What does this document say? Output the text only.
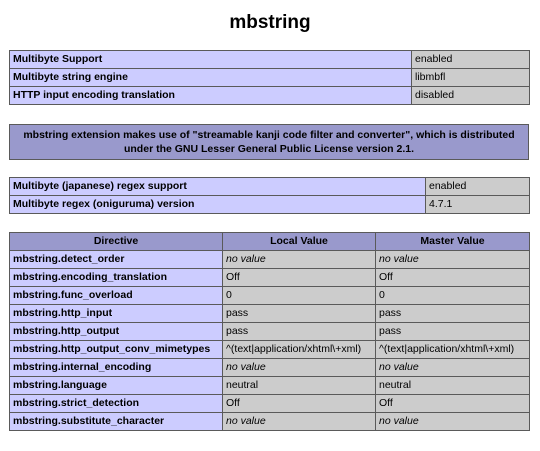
mbstring
Multibyte Support	enabled
Multibyte string engine	libmbfl
HTTP input encoding translation	disabled
mbstring extension makes use of "streamable kanji code filter and converter", which is distributed under the GNU Lesser General Public License version 2.1.
Multibyte (japanese) regex support	enabled
Multibyte regex (oniguruma) version	4.7.1
Directive	Local Value	Master Value
mbstring.detect_order	no value	no value
mbstring.encoding_translation	Off	Off
mbstring.func_overload	0	0
mbstring.http_input	pass	pass
mbstring.http_output	pass	pass
mbstring.http_output_conv_mimetypes	^(text|application/xhtml\+xml)	^(text|application/xhtml\+xml)
mbstring.internal_encoding	no value	no value
mbstring.language	neutral	neutral
mbstring.strict_detection	Off	Off
mbstring.substitute_character	no value	no value
